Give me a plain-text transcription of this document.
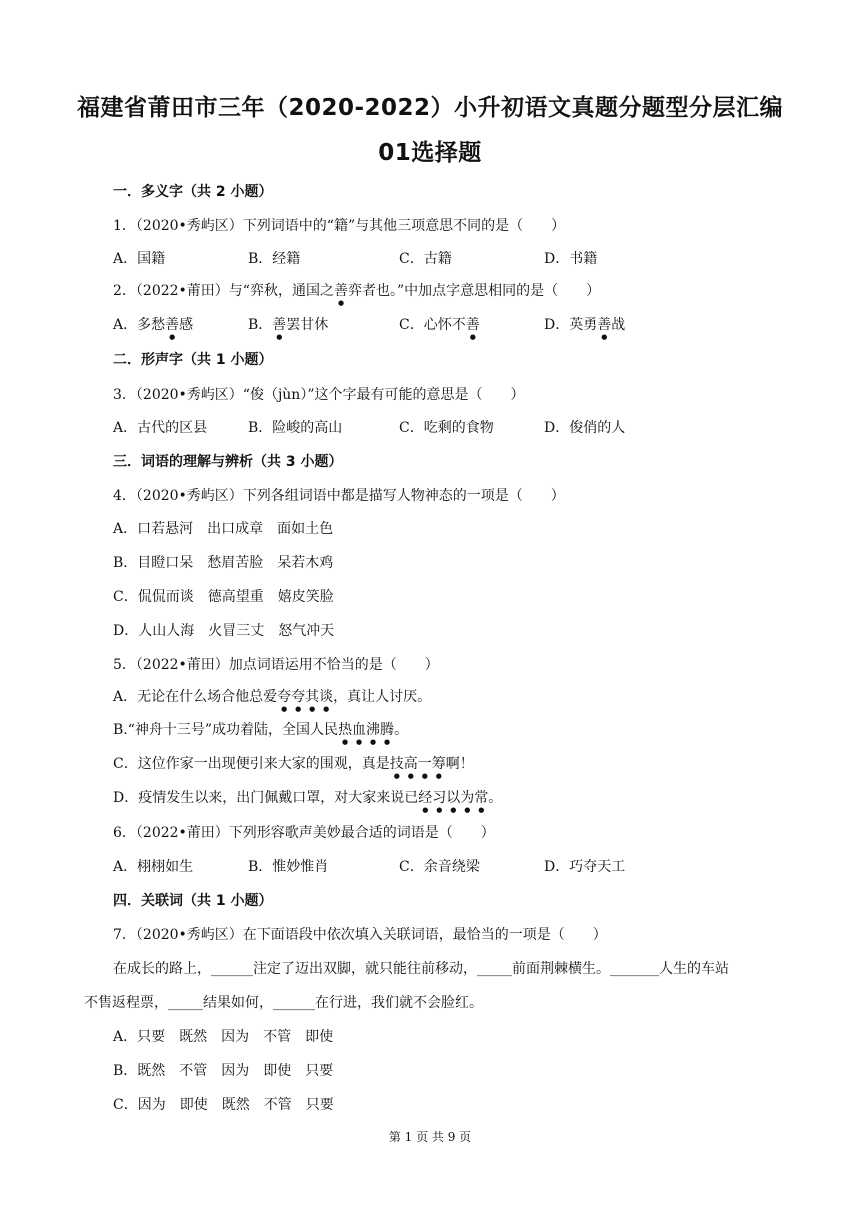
福建省莆田市三年（2020-2022）小升初语文真题分题型分层汇编
01选择题
一．多义字（共 2 小题）
1．（2020•秀屿区）下列词语中的“籍”与其他三项意思不同的是（　　）
A．国籍	B．经籍	C．古籍	D．书籍
2．（2022•莆田）与“弈秋，通国之善弈者也。”中加点字意思相同的是（　　）
A．多愁善感	B．善罢甘休	C．心怀不善	D．英勇善战
二．形声字（共 1 小题）
3．（2020•秀屿区）“俊（jùn）”这个字最有可能的意思是（　　）
A．古代的区县	B．险峻的高山	C．吃剩的食物	D．俊俏的人
三．词语的理解与辨析（共 3 小题）
4．（2020•秀屿区）下列各组词语中都是描写人物神态的一项是（　　）
A．口若悬河　出口成章　面如土色
B．目瞪口呆　愁眉苦脸　呆若木鸡
C．侃侃而谈　德高望重　嬉皮笑脸
D．人山人海　火冒三丈　怒气冲天
5．（2022•莆田）加点词语运用不恰当的是（　　）
A．无论在什么场合他总爱夸夸其谈，真让人讨厌。
B.“神舟十三号”成功着陆，全国人民热血沸腾。
C．这位作家一出现便引来大家的围观，真是技高一筹啊！
D．疫情发生以来，出门佩戴口罩，对大家来说已经习以为常。
6．（2022•莆田）下列形容歌声美妙最合适的词语是（　　）
A．栩栩如生	B．惟妙惟肖	C．余音绕梁	D．巧夺天工
四．关联词（共 1 小题）
7．（2020•秀屿区）在下面语段中依次填入关联词语，最恰当的一项是（　　）
在成长的路上，______注定了迈出双脚，就只能往前移动，_____前面荆棘横生。_______人生的车站
不售返程票，_____结果如何，______在行进，我们就不会脸红。
A．只要　既然　因为　不管　即使
B．既然　不管　因为　即使　只要
C．因为　即使　既然　不管　只要
第 1 页 共 9 页
